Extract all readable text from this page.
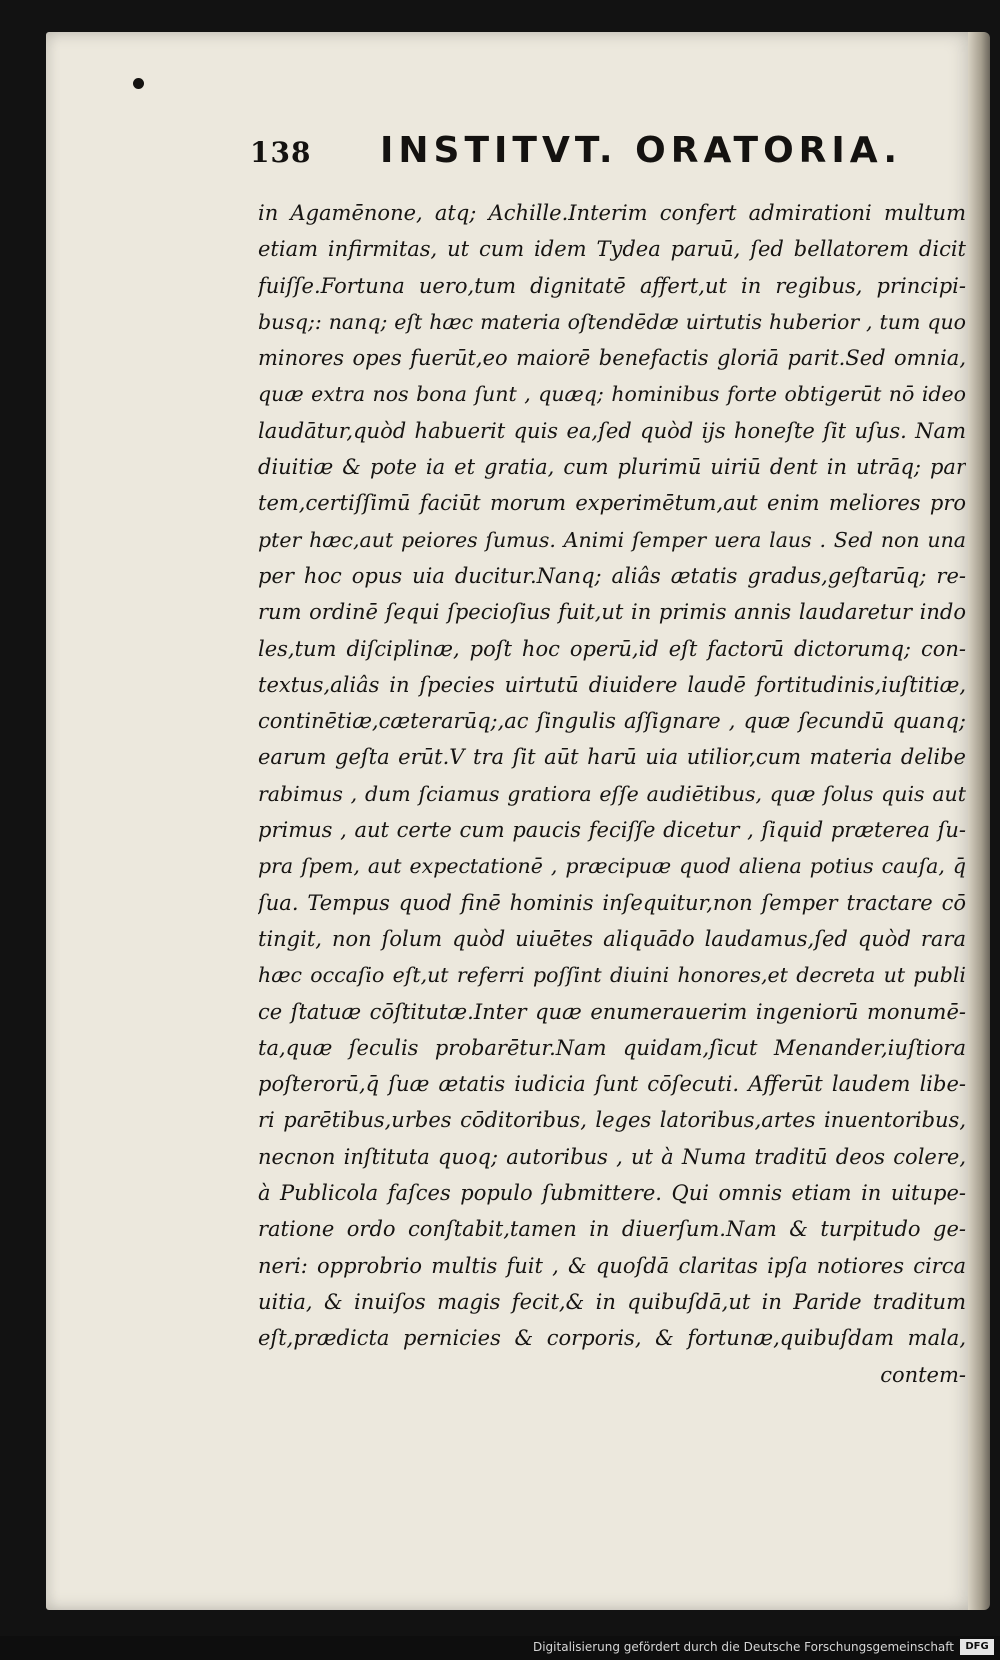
138 INSTITVT. ORATORIA.
in Agamēnone, atq; Achille.Interim confert admirationi multum
etiam infirmitas, ut cum idem Tydea paruū, ſed bellatorem dicit
fuiſſe.Fortuna uero,tum dignitatē affert,ut in regibus, principi-
busq;: nanq; eſt hæc materia oſtendēdæ uirtutis huberior , tum quo
minores opes fuerūt,eo maiorē benefactis gloriā parit.Sed omnia,
quæ extra nos bona ſunt , quæq; hominibus forte obtigerūt nō ideo
laudātur,quòd habuerit quis ea,ſed quòd ijs honeſte ſit uſus. Nam
diuitiæ & pote ia et gratia, cum plurimū uiriū dent in utrāq; par
tem,certiſſimū faciūt morum experimētum,aut enim meliores pro
pter hæc,aut peiores ſumus. Animi ſemper uera laus . Sed non una
per hoc opus uia ducitur.Nanq; aliâs ætatis gradus,geſtarūq; re-
rum ordinē ſequi ſpecioſius fuit,ut in primis annis laudaretur indo
les,tum diſciplinæ, poſt hoc operū,id eſt factorū dictorumq; con-
textus,aliâs in ſpecies uirtutū diuidere laudē fortitudinis,iuſtitiæ,
continētiæ,cæterarūq;,ac ſingulis aſſignare , quæ ſecundū quanq;
earum geſta erūt.V tra ſit aūt harū uia utilior,cum materia delibe
rabimus , dum ſciamus gratiora eſſe audiētibus, quæ ſolus quis aut
primus , aut certe cum paucis feciſſe dicetur , ſiquid præterea ſu-
pra ſpem, aut expectationē , præcipuæ quod aliena potius cauſa, q̄
ſua. Tempus quod finē hominis inſequitur,non ſemper tractare cō
tingit, non ſolum quòd uiuētes aliquādo laudamus,ſed quòd rara
hæc occaſio eſt,ut referri poſſint diuini honores,et decreta ut publi
ce ſtatuæ cōſtitutæ.Inter quæ enumerauerim ingeniorū monumē-
ta,quæ ſeculis probarētur.Nam quidam,ſicut Menander,iuſtiora
poſterorū,q̄ ſuæ ætatis iudicia ſunt cōſecuti. Afferūt laudem libe-
ri parētibus,urbes cōditoribus, leges latoribus,artes inuentoribus,
necnon inſtituta quoq; autoribus , ut à Numa traditū deos colere,
à Publicola faſces populo ſubmittere. Qui omnis etiam in uitupe-
ratione ordo conſtabit,tamen in diuerſum.Nam & turpitudo ge-
neri: opprobrio multis fuit , & quoſdā claritas ipſa notiores circa
uitia, & inuiſos magis fecit,& in quibuſdā,ut in Paride traditum
eſt,prædicta pernicies & corporis, & fortunæ,quibuſdam mala,
contem-
Digitalisierung gefördert durch die Deutsche Forschungsgemeinschaft	DFG
